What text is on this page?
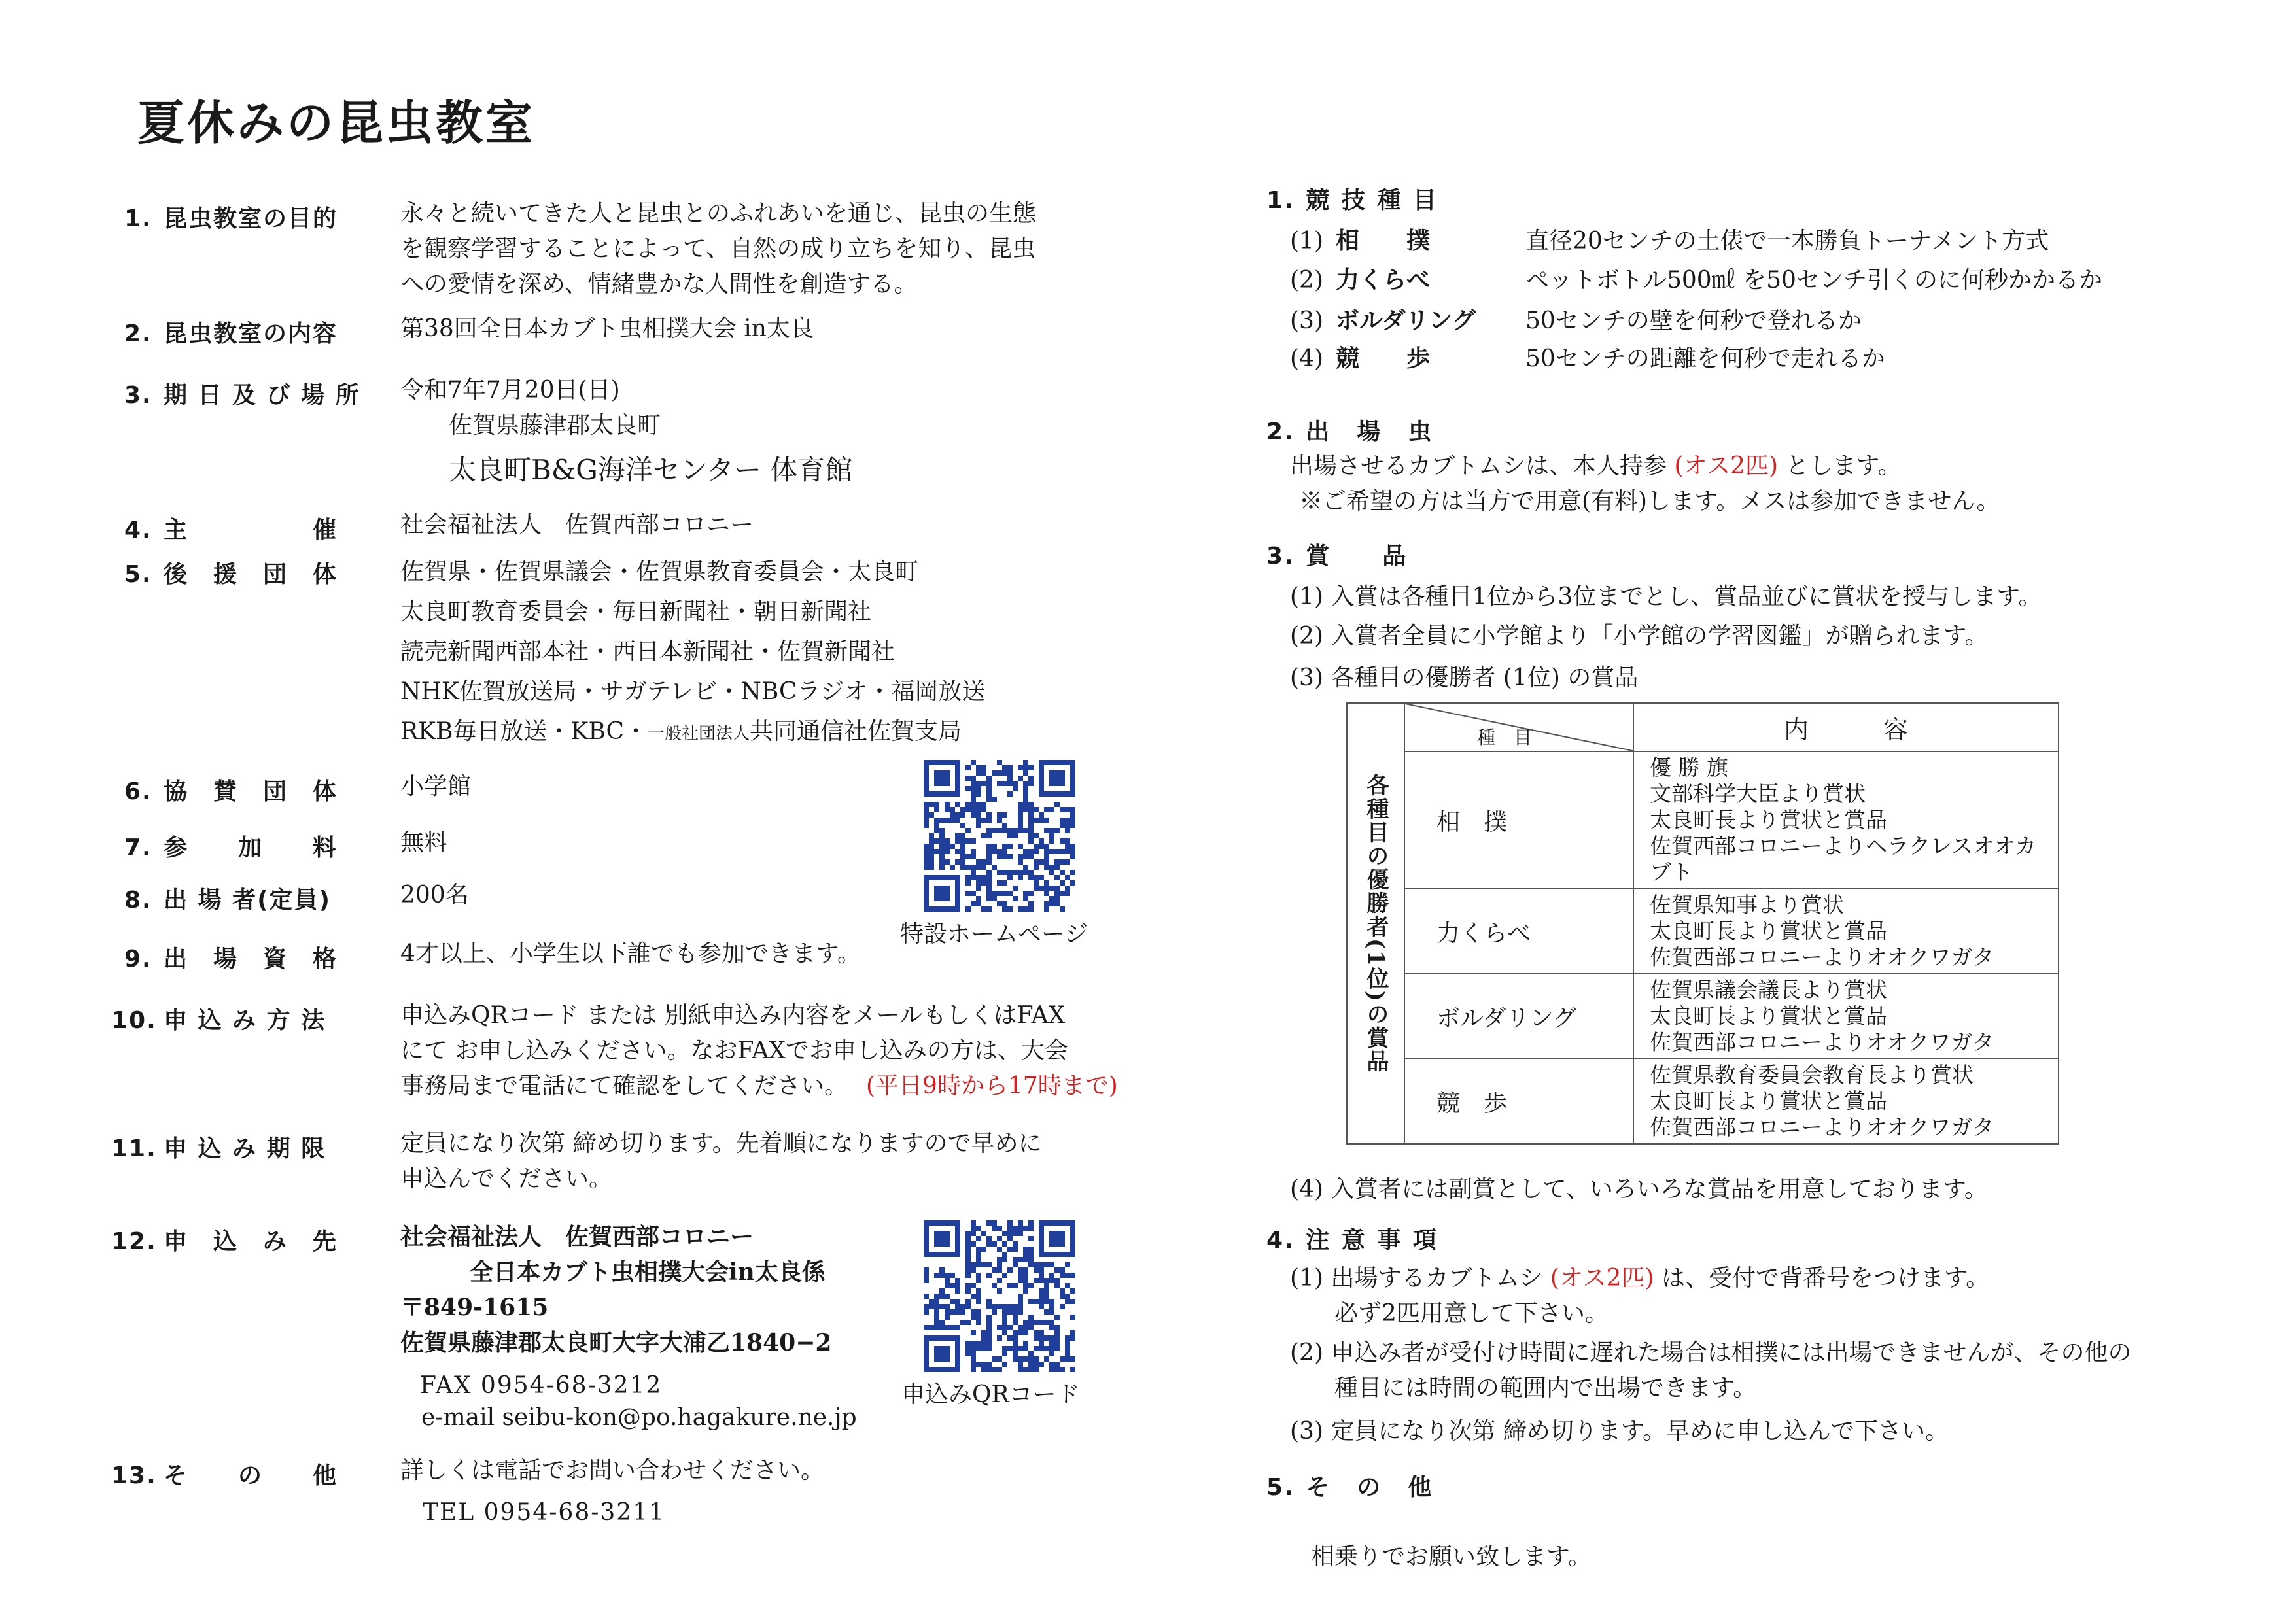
夏休みの昆虫教室
1. 昆虫教室の目的	永々と続いてきた人と昆虫とのふれあいを通じ、昆虫の生態
を観察学習することによって、自然の成り立ちを知り、昆虫
への愛情を深め、情緒豊かな人間性を創造する。
2. 昆虫教室の内容	第38回全日本カブト虫相撲大会 in太良
3. 期 日 及 び 場 所 令和7年7月20日(日)
佐賀県藤津郡太良町
太良町B&G海洋センター 体育館
4. 主　　　　　催	社会福祉法人　佐賀西部コロニー
5. 後　援　団　体	佐賀県・佐賀県議会・佐賀県教育委員会・太良町
太良町教育委員会・毎日新聞社・朝日新聞社
読売新聞西部本社・西日本新聞社・佐賀新聞社
NHK佐賀放送局・サガテレビ・NBCラジオ・福岡放送
RKB毎日放送・KBC・一般社団法人共同通信社佐賀支局
6. 協　賛　団　体	小学館
7. 参　　加　　料	無料
8. 出 場 者(定員)	200名
9. 出　場　資　格	4才以上、小学生以下誰でも参加できます。
10. 申 込 み 方 法	申込みQRコード または 別紙申込み内容をメールもしくはFAX
にて お申し込みください。なおFAXでお申し込みの方は、大会
事務局まで電話にて確認をしてください。 (平日9時から17時まで)
11. 申 込 み 期 限	定員になり次第 締め切ります。先着順になりますので早めに
申込んでください。
12. 申　込　み　先	社会福祉法人　佐賀西部コロニー
全日本カブト虫相撲大会in太良係
〒849-1615
佐賀県藤津郡太良町大字大浦乙1840−2
FAX 0954-68-3212
e-mail seibu-kon@po.hagakure.ne.jp
13. そ　　の　　他	詳しくは電話でお問い合わせください。
TEL 0954-68-3211
特設ホームページ
申込みQRコード
1. 競 技 種 目
(1) 相　　撲	直径20センチの土俵で一本勝負トーナメント方式
(2) 力くらべ	ペットボトル500㎖ を50センチ引くのに何秒かかるか
(3) ボルダリング 50センチの壁を何秒で登れるか
(4) 競　　歩	50センチの距離を何秒で走れるか
2. 出　場　虫
出場させるカブトムシは、本人持参 (オス2匹) とします。
※ご希望の方は当方で用意(有料)します。メスは参加できません。
3. 賞　　品
(1) 入賞は各種目1位から3位までとし、賞品並びに賞状を授与します。
(2) 入賞者全員に小学館より「小学館の学習図鑑」が贈られます。
(3) 各種目の優勝者 (1位) の賞品
各種目の優勝者(1位)の賞品	種　目	内　　　容
	相　撲	優 勝 旗
文部科学大臣より賞状
太良町長より賞状と賞品
佐賀西部コロニーよりヘラクレスオオカブト

	力くらべ	佐賀県知事より賞状
太良町長より賞状と賞品
佐賀西部コロニーよりオオクワガタ

	ボルダリング	佐賀県議会議長より賞状
太良町長より賞状と賞品
佐賀西部コロニーよりオオクワガタ

	競　歩	佐賀県教育委員会教育長より賞状
太良町長より賞状と賞品
佐賀西部コロニーよりオオクワガタ
(4) 入賞者には副賞として、いろいろな賞品を用意しております。
4. 注 意 事 項
(1) 出場するカブトムシ (オス2匹) は、受付で背番号をつけます。
必ず2匹用意して下さい。
(2) 申込み者が受付け時間に遅れた場合は相撲には出場できませんが、その他の
種目には時間の範囲内で出場できます。
(3) 定員になり次第 締め切ります。早めに申し込んで下さい。
5. そ　の　他
相乗りでお願い致します。
